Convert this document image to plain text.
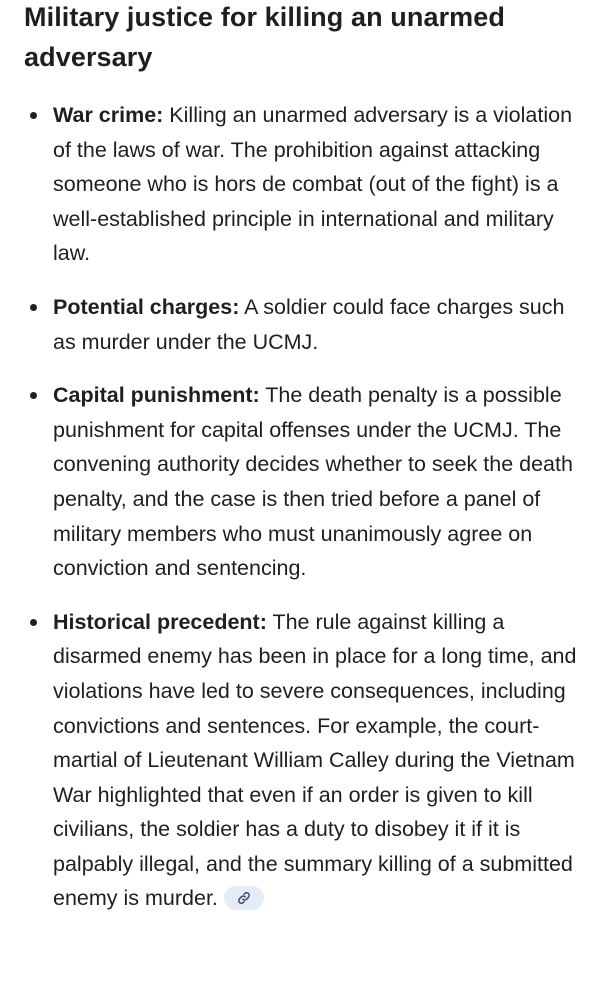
Military justice for killing an unarmed adversary
War crime: Killing an unarmed adversary is a violation of the laws of war. The prohibition against attacking someone who is hors de combat (out of the fight) is a well-established principle in international and military law.
Potential charges: A soldier could face charges such as murder under the UCMJ.
Capital punishment: The death penalty is a possible punishment for capital offenses under the UCMJ. The convening authority decides whether to seek the death penalty, and the case is then tried before a panel of military members who must unanimously agree on conviction and sentencing.
Historical precedent: The rule against killing a disarmed enemy has been in place for a long time, and violations have led to severe consequences, including convictions and sentences. For example, the court-martial of Lieutenant William Calley during the Vietnam War highlighted that even if an order is given to kill civilians, the soldier has a duty to disobey it if it is palpably illegal, and the summary killing of a submitted enemy is murder.
